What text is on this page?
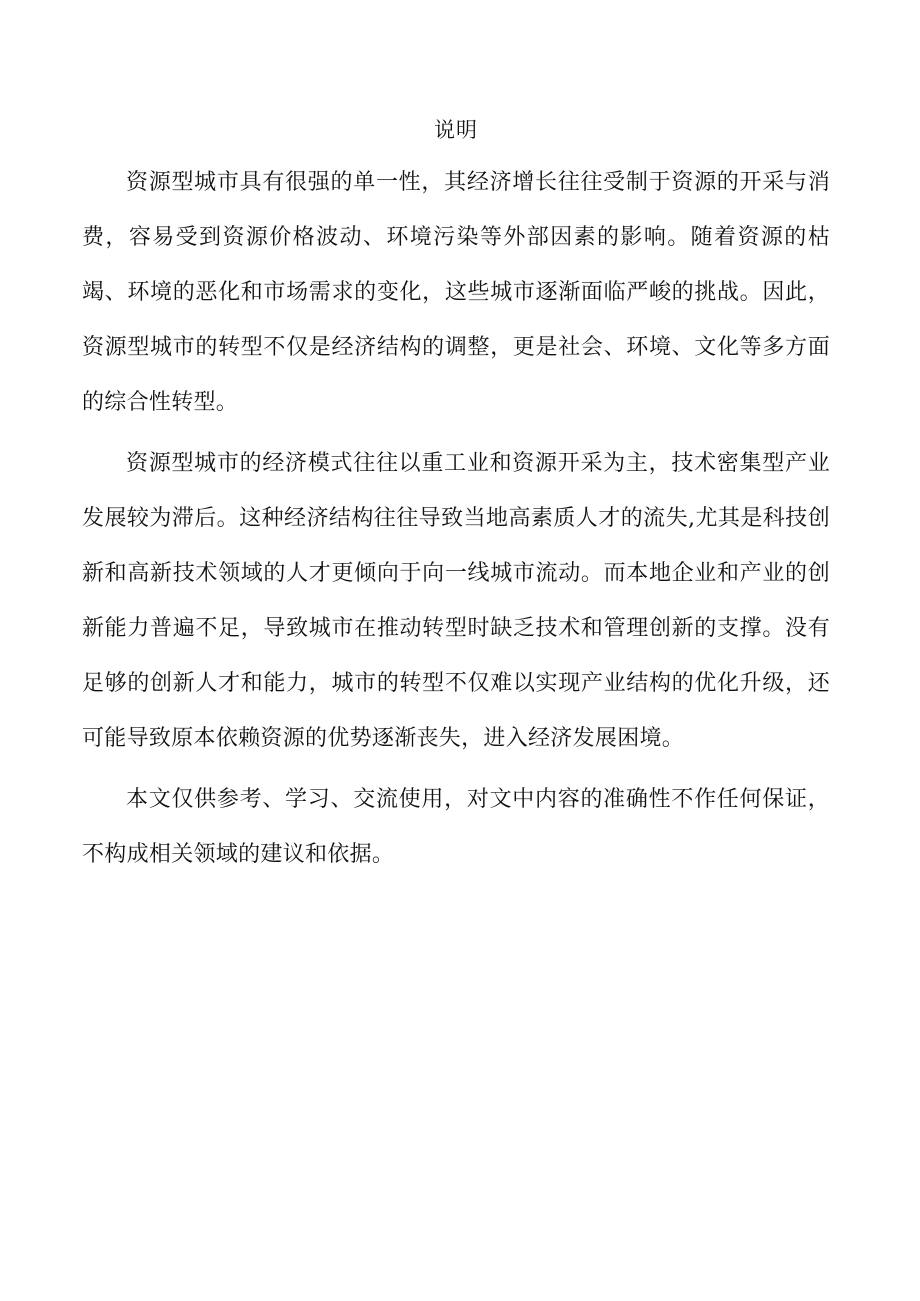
说明

资源型城市具有很强的单一性，其经济增长往往受制于资源的开采与消费，容易受到资源价格波动、环境污染等外部因素的影响。随着资源的枯竭、环境的恶化和市场需求的变化，这些城市逐渐面临严峻的挑战。因此，资源型城市的转型不仅是经济结构的调整，更是社会、环境、文化等多方面的综合性转型。

资源型城市的经济模式往往以重工业和资源开采为主，技术密集型产业发展较为滞后。这种经济结构往往导致当地高素质人才的流失,尤其是科技创新和高新技术领域的人才更倾向于向一线城市流动。而本地企业和产业的创新能力普遍不足，导致城市在推动转型时缺乏技术和管理创新的支撑。没有足够的创新人才和能力，城市的转型不仅难以实现产业结构的优化升级，还可能导致原本依赖资源的优势逐渐丧失，进入经济发展困境。

本文仅供参考、学习、交流使用，对文中内容的准确性不作任何保证，不构成相关领域的建议和依据。
